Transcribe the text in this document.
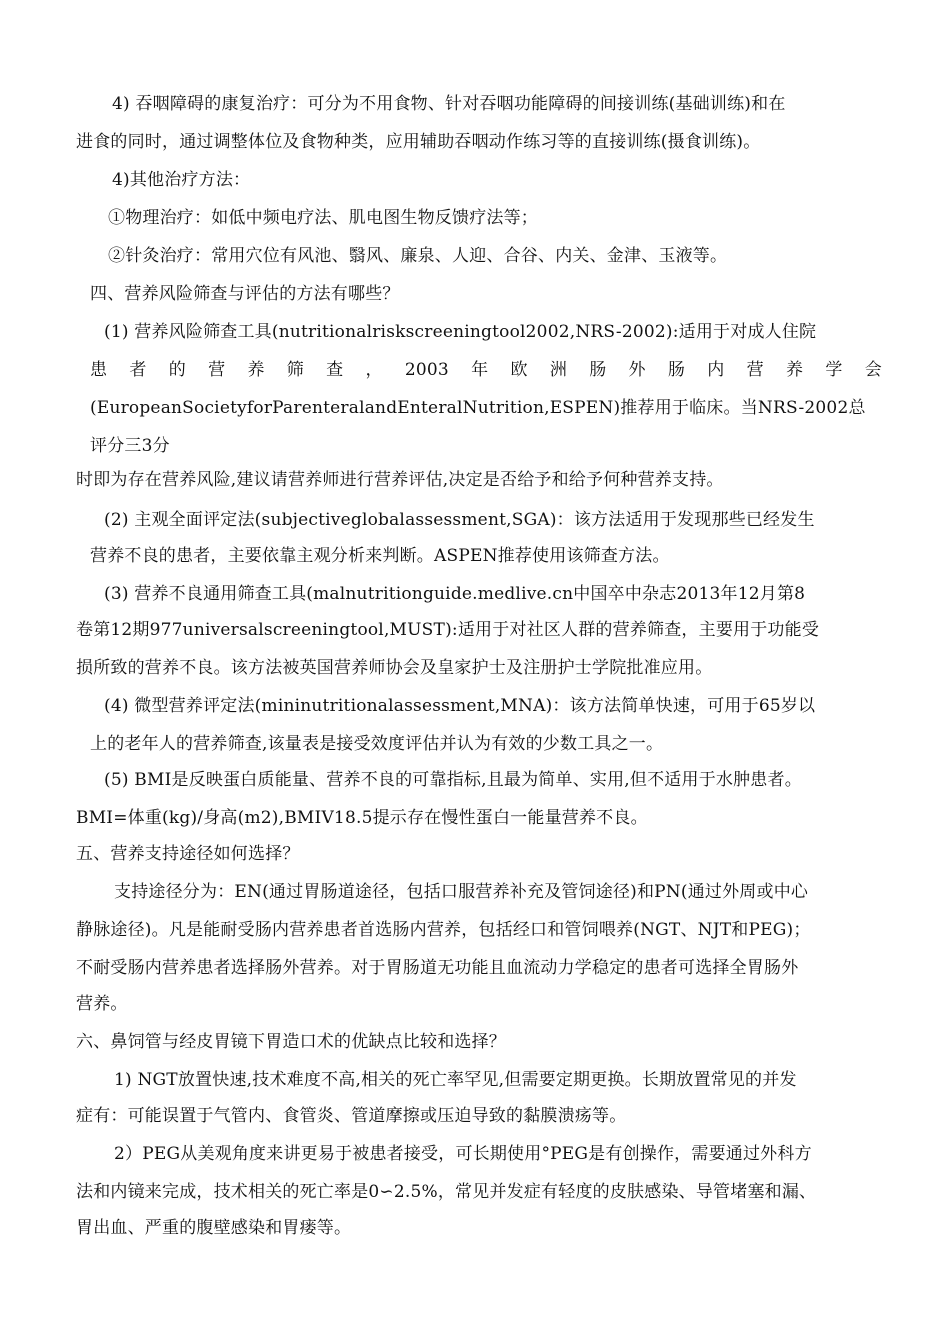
4) 吞咽障碍的康复治疗：可分为不用食物、针对吞咽功能障碍的间接训练(基础训练)和在

进食的同时，通过调整体位及食物种类，应用辅助吞咽动作练习等的直接训练(摄食训练)。

4)其他治疗方法：

①物理治疗：如低中频电疗法、肌电图生物反馈疗法等；

②针灸治疗：常用穴位有风池、翳风、廉泉、人迎、合谷、内关、金津、玉液等。

四、营养风险筛查与评估的方法有哪些？

(1) 营养风险筛查工具(nutritionalriskscreeningtool2002,NRS-2002):适用于对成人住院

患 者 的 营 养 筛 查 ， 2003 年 欧 洲 肠 外 肠 内 营 养 学 会

(EuropeanSocietyforParenteralandEnteralNutrition,ESPEN)推荐用于临床。当NRS-2002总

评分三3分

时即为存在营养风险,建议请营养师进行营养评估,决定是否给予和给予何种营养支持。

(2) 主观全面评定法(subjectiveglobalassessment,SGA)：该方法适用于发现那些已经发生

营养不良的患者，主要依靠主观分析来判断。ASPEN推荐使用该筛查方法。

(3) 营养不良通用筛查工具(malnutritionguide.medlive.cn中国卒中杂志2013年12月第8

卷第12期977universalscreeningtool,MUST):适用于对社区人群的营养筛查，主要用于功能受

损所致的营养不良。该方法被英国营养师协会及皇家护士及注册护士学院批准应用。

(4) 微型营养评定法(mininutritionalassessment,MNA)：该方法简单快速，可用于65岁以

上的老年人的营养筛查,该量表是接受效度评估并认为有效的少数工具之一。

(5) BMI是反映蛋白质能量、营养不良的可靠指标,且最为简单、实用,但不适用于水肿患者。

BMI=体重(kg)/身高(m2),BMIV18.5提示存在慢性蛋白一能量营养不良。

五、营养支持途径如何选择？

支持途径分为：EN(通过胃肠道途径，包括口服营养补充及管饲途径)和PN(通过外周或中心

静脉途径)。凡是能耐受肠内营养患者首选肠内营养，包括经口和管饲喂养(NGT、NJT和PEG)；

不耐受肠内营养患者选择肠外营养。对于胃肠道无功能且血流动力学稳定的患者可选择全胃肠外

营养。

六、鼻饲管与经皮胃镜下胃造口术的优缺点比较和选择？

1) NGT放置快速,技术难度不高,相关的死亡率罕见,但需要定期更换。长期放置常见的并发

症有：可能误置于气管内、食管炎、管道摩擦或压迫导致的黏膜溃疡等。

2）PEG从美观角度来讲更易于被患者接受，可长期使用°PEG是有创操作，需要通过外科方

法和内镜来完成，技术相关的死亡率是0∽2.5%，常见并发症有轻度的皮肤感染、导管堵塞和漏、

胃出血、严重的腹壁感染和胃瘘等。
